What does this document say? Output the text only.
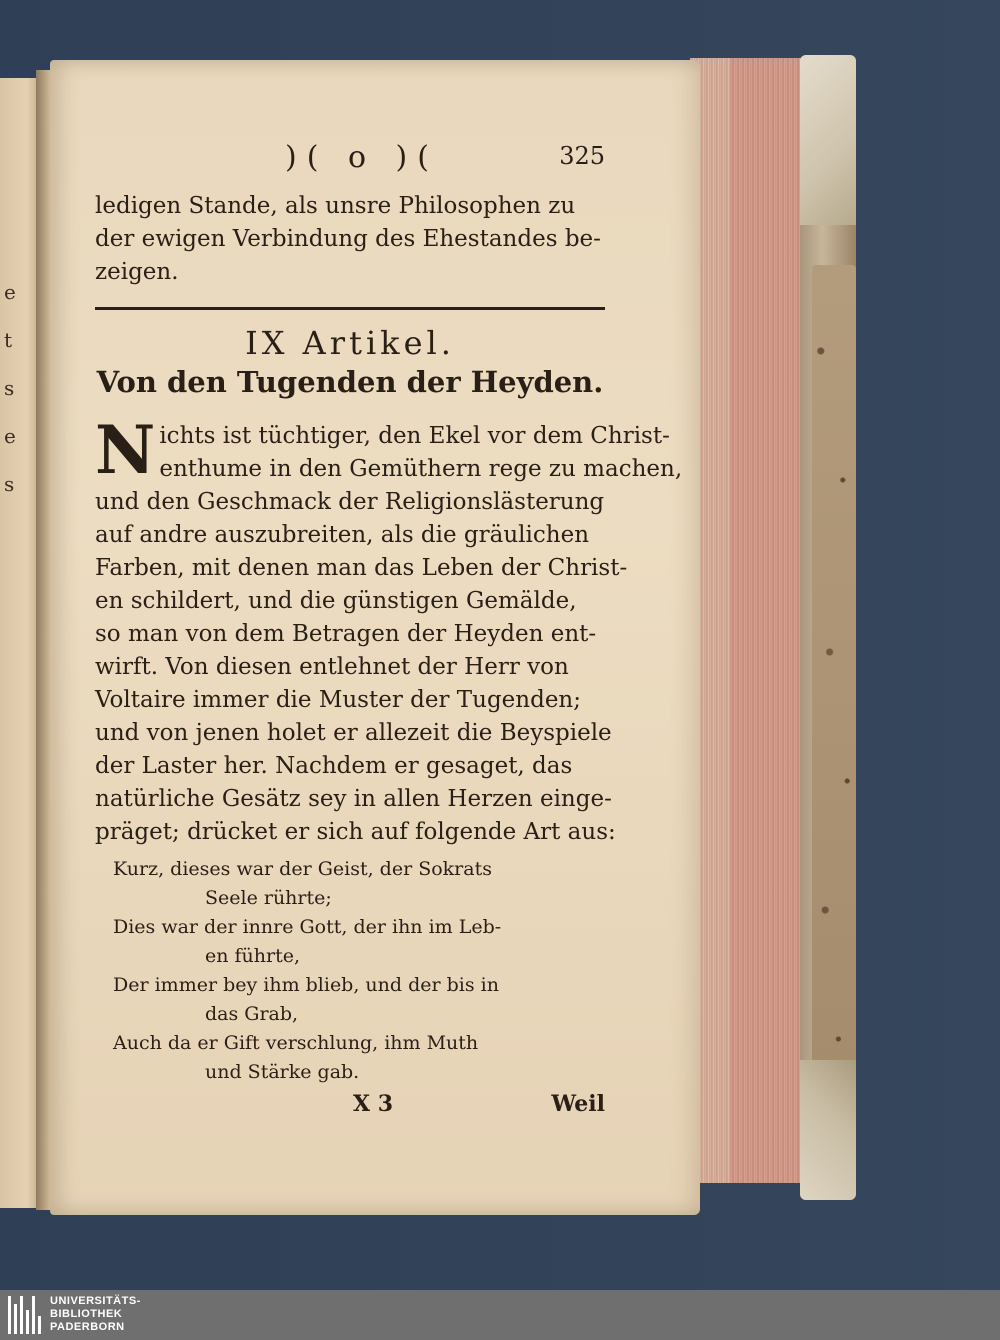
e
t
s
e
s
)( o )(	325

ledigen Stande, als unsre Philosophen zu

der ewigen Verbindung des Ehestandes be-

zeigen.

IX Artikel.
Von den Tugenden der Heyden.
N ichts ist tüchtiger, den Ekel vor dem Christ-
enthume in den Gemüthern rege zu machen,
und den Geschmack der Religionslästerung
auf andre auszubreiten, als die gräulichen
Farben, mit denen man das Leben der Christ-
en schildert, und die günstigen Gemälde,
so man von dem Betragen der Heyden ent-
wirft. Von diesen entlehnet der Herr von
Voltaire immer die Muster der Tugenden;
und von jenen holet er allezeit die Beyspiele
der Laster her. Nachdem er gesaget, das
natürliche Gesätz sey in allen Herzen einge-
präget; drücket er sich auf folgende Art aus:
Kurz, dieses war der Geist, der Sokrats
Seele rührte;
Dies war der innre Gott, der ihn im Leb-
en führte,
Der immer bey ihm blieb, und der bis in
das Grab,
Auch da er Gift verschlung, ihm Muth
und Stärke gab.
X 3	Weil
UNIVERSITÄTS-
BIBLIOTHEK
PADERBORN
